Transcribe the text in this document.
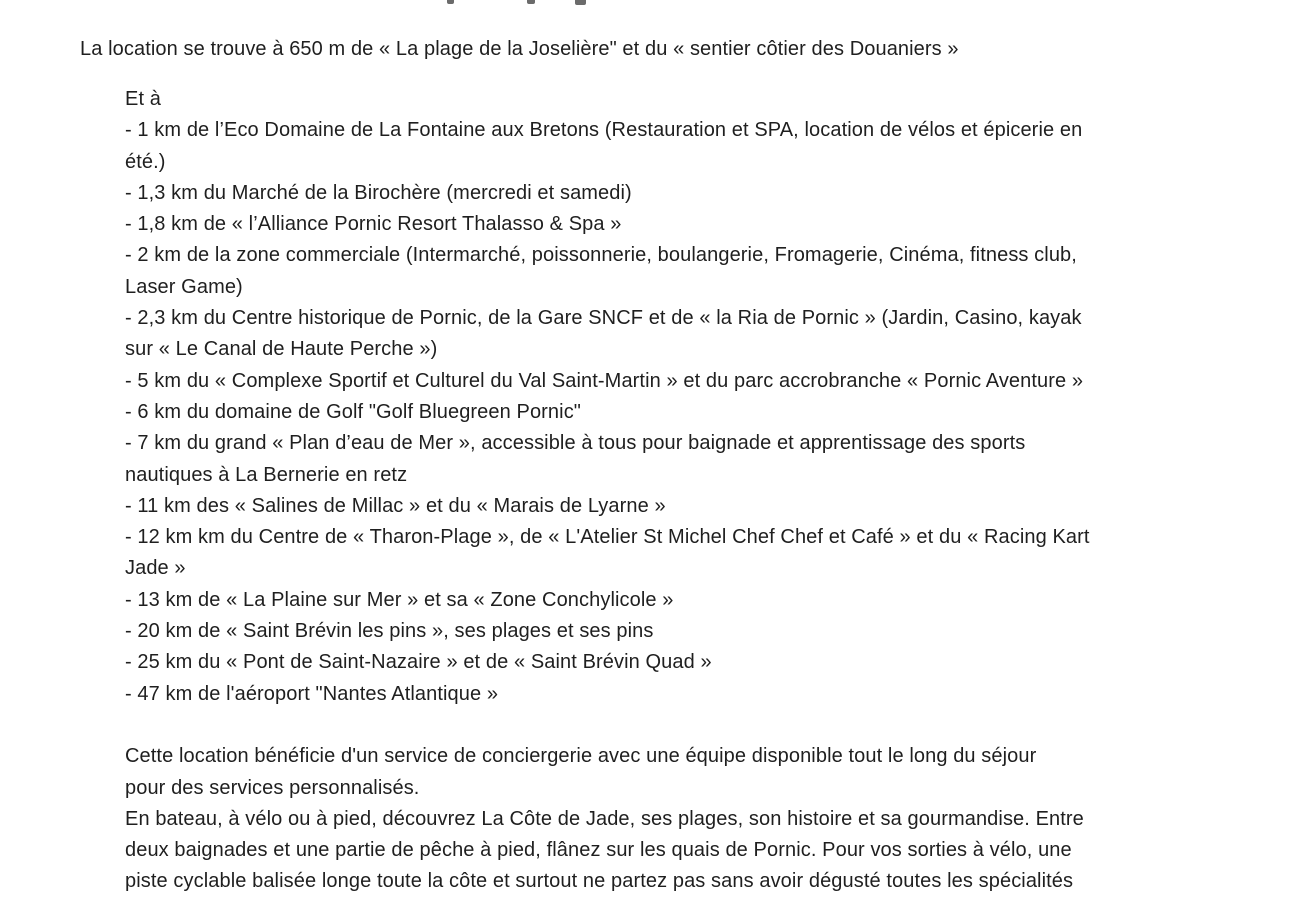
La location se trouve à 650 m de « La plage de la Joselière" et du « sentier côtier des Douaniers »

Et à

- 1 km de l’Eco Domaine de La Fontaine aux Bretons (Restauration et SPA, location de vélos et épicerie en

été.)

- 1,3 km du Marché de la Birochère (mercredi et samedi)

- 1,8 km de « l’Alliance Pornic Resort Thalasso & Spa »

- 2 km de la zone commerciale (Intermarché, poissonnerie, boulangerie, Fromagerie, Cinéma, fitness club,

Laser Game)

- 2,3 km du Centre historique de Pornic, de la Gare SNCF et de « la Ria de Pornic » (Jardin, Casino, kayak

sur « Le Canal de Haute Perche »)

- 5 km du « Complexe Sportif et Culturel du Val Saint-Martin » et du parc accrobranche « Pornic Aventure »

- 6 km du domaine de Golf "Golf Bluegreen Pornic"

- 7 km du grand « Plan d’eau de Mer », accessible à tous pour baignade et apprentissage des sports

nautiques à La Bernerie en retz

- 11 km des « Salines de Millac » et du « Marais de Lyarne »

- 12 km km du Centre de « Tharon-Plage », de « L'Atelier St Michel Chef Chef et Café » et du « Racing Kart

Jade »

- 13 km de « La Plaine sur Mer » et sa « Zone Conchylicole »

- 20 km de « Saint Brévin les pins », ses plages et ses pins

- 25 km du « Pont de Saint-Nazaire » et de « Saint Brévin Quad »

- 47 km de l'aéroport "Nantes Atlantique »

Cette location bénéficie d'un service de conciergerie avec une équipe disponible tout le long du séjour

pour des services personnalisés.

En bateau, à vélo ou à pied, découvrez La Côte de Jade, ses plages, son histoire et sa gourmandise. Entre

deux baignades et une partie de pêche à pied, flânez sur les quais de Pornic. Pour vos sorties à vélo, une

piste cyclable balisée longe toute la côte et surtout ne partez pas sans avoir dégusté toutes les spécialités
